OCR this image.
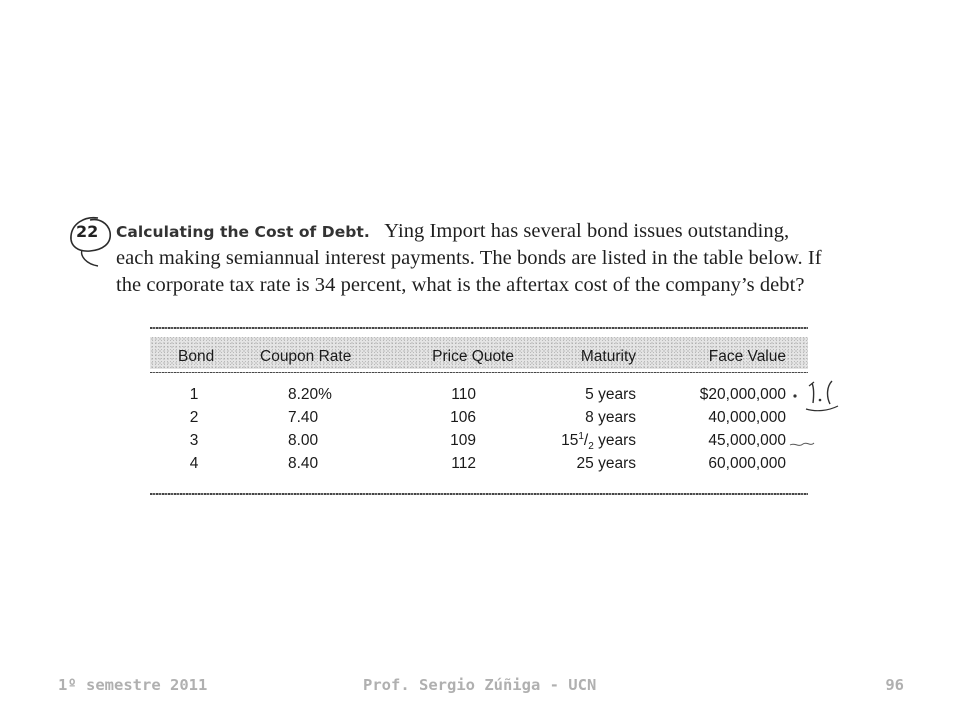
22 Calculating the Cost of Debt. Ying Import has several bond issues outstanding,
each making semiannual interest payments. The bonds are listed in the table below. If
the corporate tax rate is 34 percent, what is the aftertax cost of the company’s debt?
Bond	Coupon Rate	Price Quote	Maturity	Face Value
1	8.20%	110	5 years	$20,000,000
2	7.40	106	8 years	40,000,000
3	8.00	109	$15^1/_2$ years	45,000,000
4	8.40	112	25 years	60,000,000
1º semestre 2011	Prof. Sergio Zúñiga - UCN	96
